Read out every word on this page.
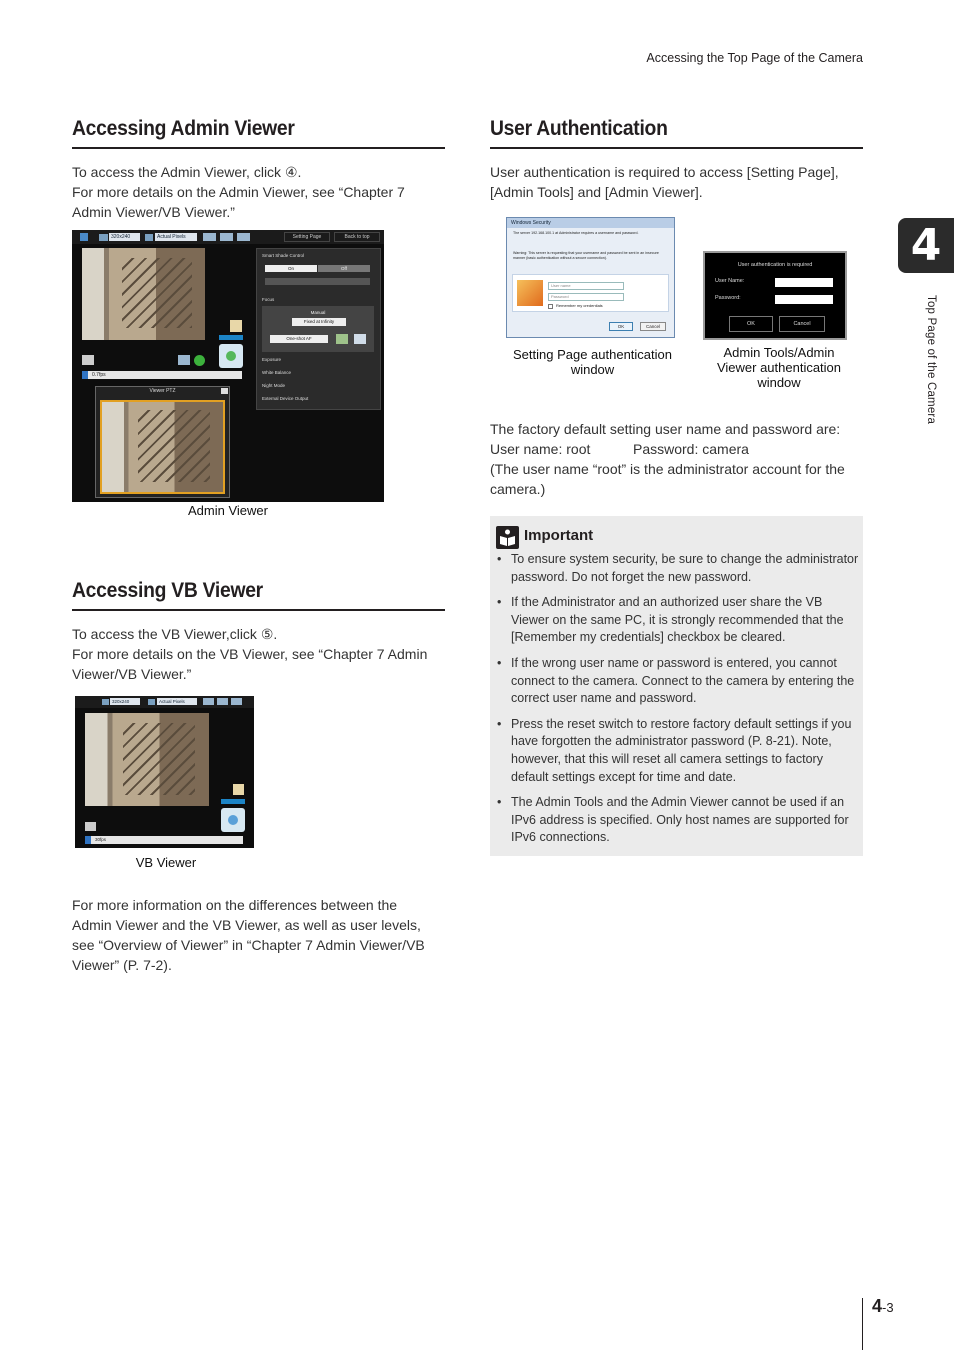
Accessing the Top Page of the Camera
4
Top Page of the Camera
Accessing Admin Viewer
To access the Admin Viewer, click ④.
For more details on the Admin Viewer, see “Chapter 7
Admin Viewer/VB Viewer.”
320x240	Actual Pixels	Setting Page	Back to top
0.7fps
Smart Shade Control
On	Off
Focus
Manual
Fixed at Infinity
One-shot AF
Exposure
White Balance
Night Mode
External Device Output
Viewer PTZ
Admin Viewer
Accessing VB Viewer
To access the VB Viewer,click ⑤.
For more details on the VB Viewer, see “Chapter 7 Admin
Viewer/VB Viewer.”
320x240	Actual Pixels
30fps
VB Viewer
For more information on the differences between the
Admin Viewer and the VB Viewer, as well as user levels,
see “Overview of Viewer” in “Chapter 7 Admin Viewer/VB
Viewer” (P. 7-2).
User Authentication
User authentication is required to access [Setting Page],
[Admin Tools] and [Admin Viewer].
Windows Security
The server 192.168.100.1 at Administrator requires a username and password.
Warning: This server is requesting that your username and password be sent in an insecure manner (basic authentication without a secure connection).
User name
Password
Remember my credentials
OK	Cancel
User authentication is required
User Name:
Password:
OK	Cancel
Setting Page authentication
window
Admin Tools/Admin
Viewer authentication
window
The factory default setting user name and password are:
User name: root	Password: camera
(The user name “root” is the administrator account for the
camera.)
Important
• To ensure system security, be sure to change the administrator password. Do not forget the new password.
• If the Administrator and an authorized user share the VB Viewer on the same PC, it is strongly recommended that the [Remember my credentials] checkbox be cleared.
• If the wrong user name or password is entered, you cannot connect to the camera. Connect to the camera by entering the correct user name and password.
• Press the reset switch to restore factory default settings if you have forgotten the administrator password (P. 8-21). Note, however, that this will reset all camera settings to factory default settings except for time and date.
• The Admin Tools and the Admin Viewer cannot be used if an IPv6 address is specified. Only host names are supported for IPv6 connections.
4-3
